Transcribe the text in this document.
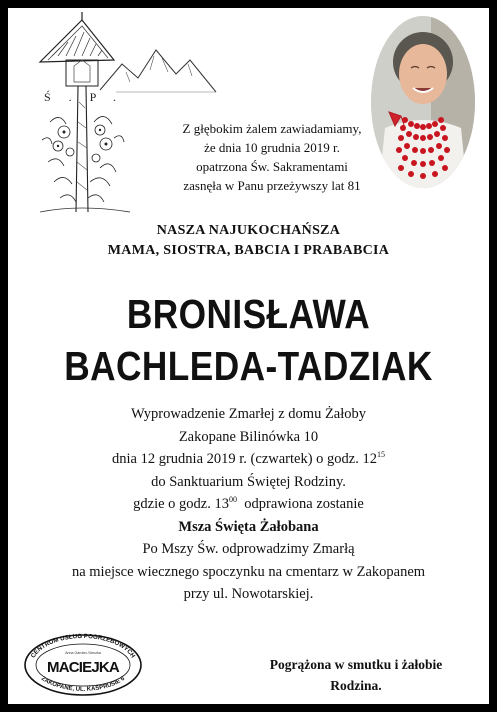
Ś.P.
Z głębokim żalem zawiadamiamy,
że dnia 10 grudnia 2019 r.
opatrzona Św. Sakramentami
zasnęła w Panu przeżywszy lat 81
NASZA NAJUKOCHAŃSZA
MAMA, SIOSTRA, BABCIA I PRABABCIA
BRONISŁAWA
BACHLEDA-TADZIAK
Wyprowadzenie Zmarłej z domu Żałoby
Zakopane Bilinówka 10
dnia 12 grudnia 2019 r. (czwartek) o godz. $12^{15}$
do Sanktuarium Świętej Rodziny.
gdzie o godz. $13^{00}$  odprawiona zostanie
Msza Święta Żałobana
Po Mszy Św. odprowadzimy Zmarłą
na miejsce wiecznego spoczynku na cmentarz w Zakopanem
przy ul. Nowotarskiej.
CENTRUM USŁUG POGRZEBOWYCH
ZAKOPANE, UL. KASPRUSIE 6
Anna Garniec-Sieczka
MACIEJKA	Pogrążona w smutku i żałobie
Rodzina.
